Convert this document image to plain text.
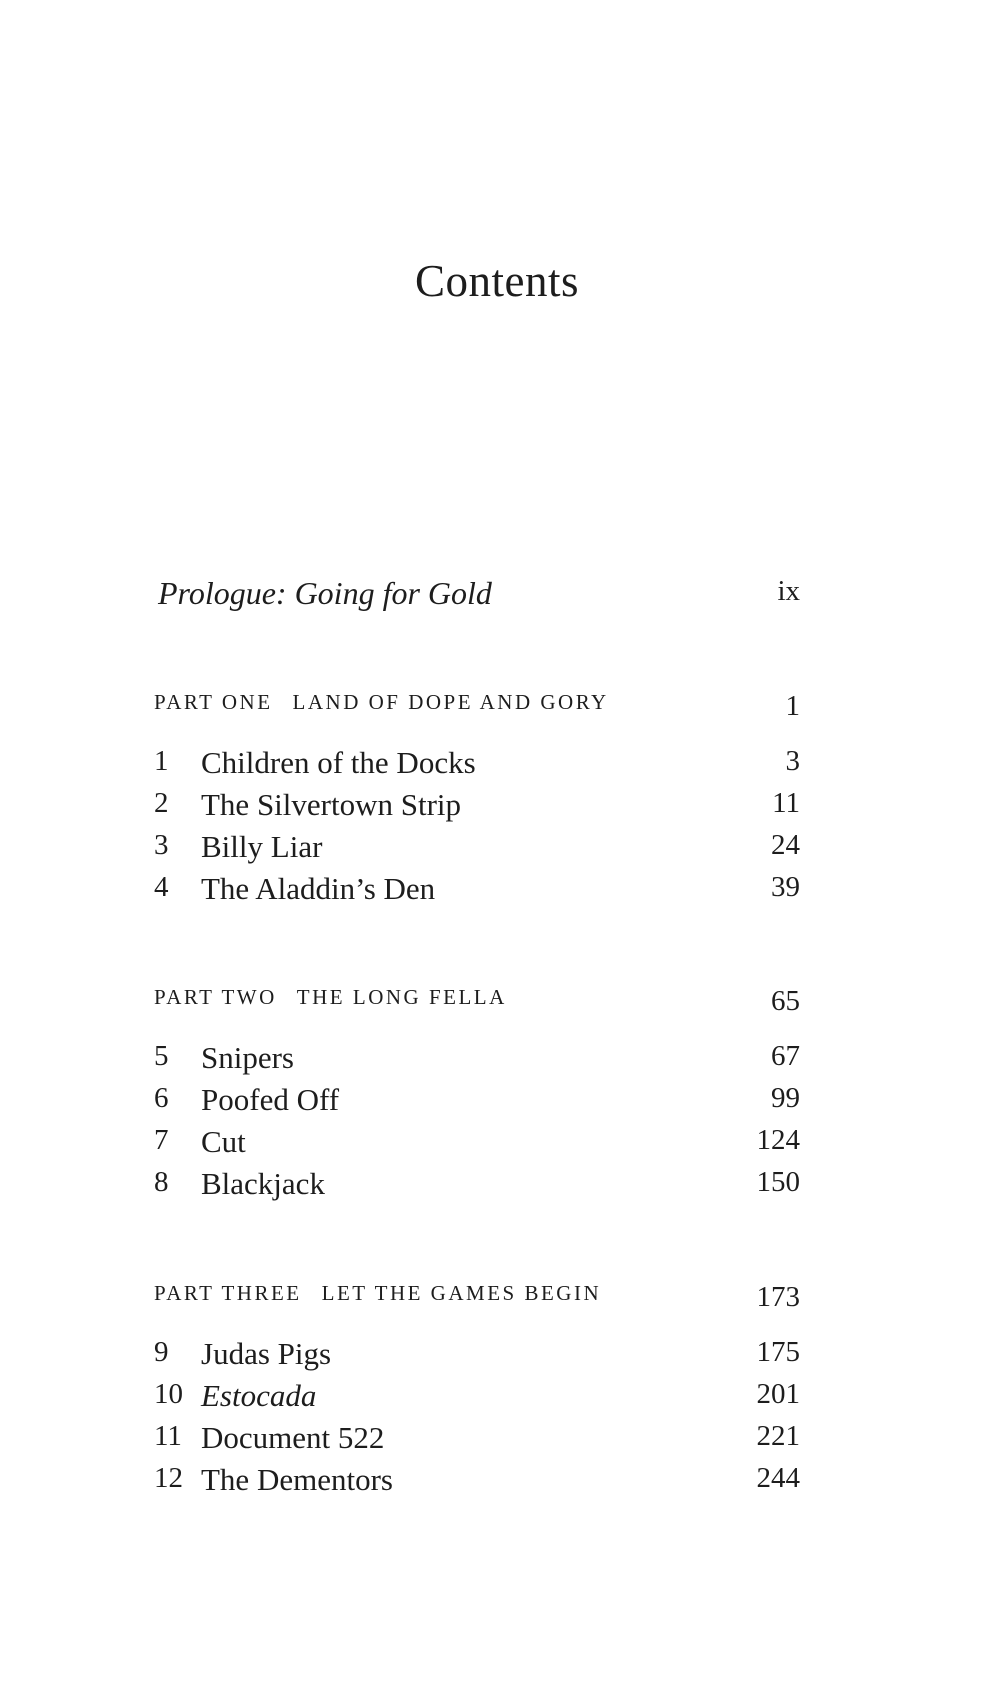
Contents
Prologue: Going for Gold	ix
PART ONE LAND OF DOPE AND GORY	1
1	Children of the Docks	3
2	The Silvertown Strip	11
3	Billy Liar	24
4	The Aladdin’s Den	39
PART TWO THE LONG FELLA	65
5	Snipers	67
6	Poofed Off	99
7	Cut	124
8	Blackjack	150
PART THREE LET THE GAMES BEGIN	173
9	Judas Pigs	175
10 Estocada	201
11 Document 522	221
12 The Dementors	244
